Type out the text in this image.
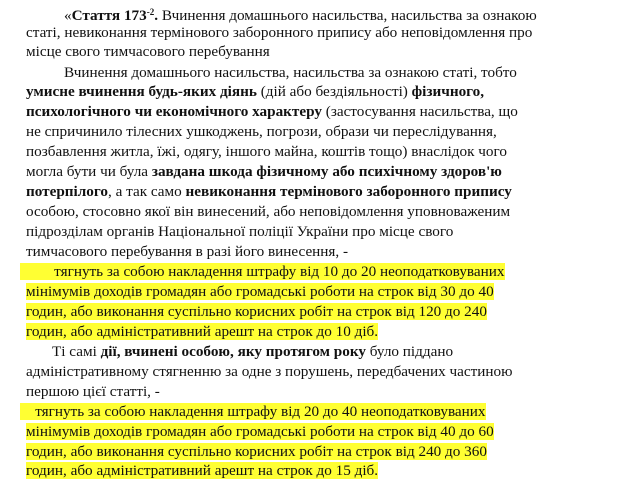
«Стаття $173^{-2}$. Вчинення домашнього насильства, насильства за ознакою
статі, невиконання термінового заборонного припису або неповідомлення про
місце свого тимчасового перебування
Вчинення домашнього насильства, насильства за ознакою статі, тобто
умисне вчинення будь-яких діянь (дій або бездіяльності) фізичного,
психологічного чи економічного характеру (застосування насильства, що
не спричинило тілесних ушкоджень, погрози, образи чи переслідування,
позбавлення житла, їжі, одягу, іншого майна, коштів тощо) внаслідок чого
могла бути чи була завдана шкода фізичному або психічному здоров'ю
потерпілого, а так само невиконання термінового заборонного припису
особою, стосовно якої він винесений, або неповідомлення уповноваженим
підрозділам органів Національної поліції України про місце свого
тимчасового перебування в разі його винесення, -
тягнуть за собою накладення штрафу від 10 до 20 неоподатковуваних
мінімумів доходів громадян або громадські роботи на строк від 30 до 40
годин, або виконання суспільно корисних робіт на строк від 120 до 240
годин, або адміністративний арешт на строк до 10 діб.
Ті самі дії, вчинені особою, яку протягом року було піддано
адміністративному стягненню за одне з порушень, передбачених частиною
першою цієї статті, -
тягнуть за собою накладення штрафу від 20 до 40 неоподатковуваних
мінімумів доходів громадян або громадські роботи на строк від 40 до 60
годин, або виконання суспільно корисних робіт на строк від 240 до 360
годин, або адміністративний арешт на строк до 15 діб.
